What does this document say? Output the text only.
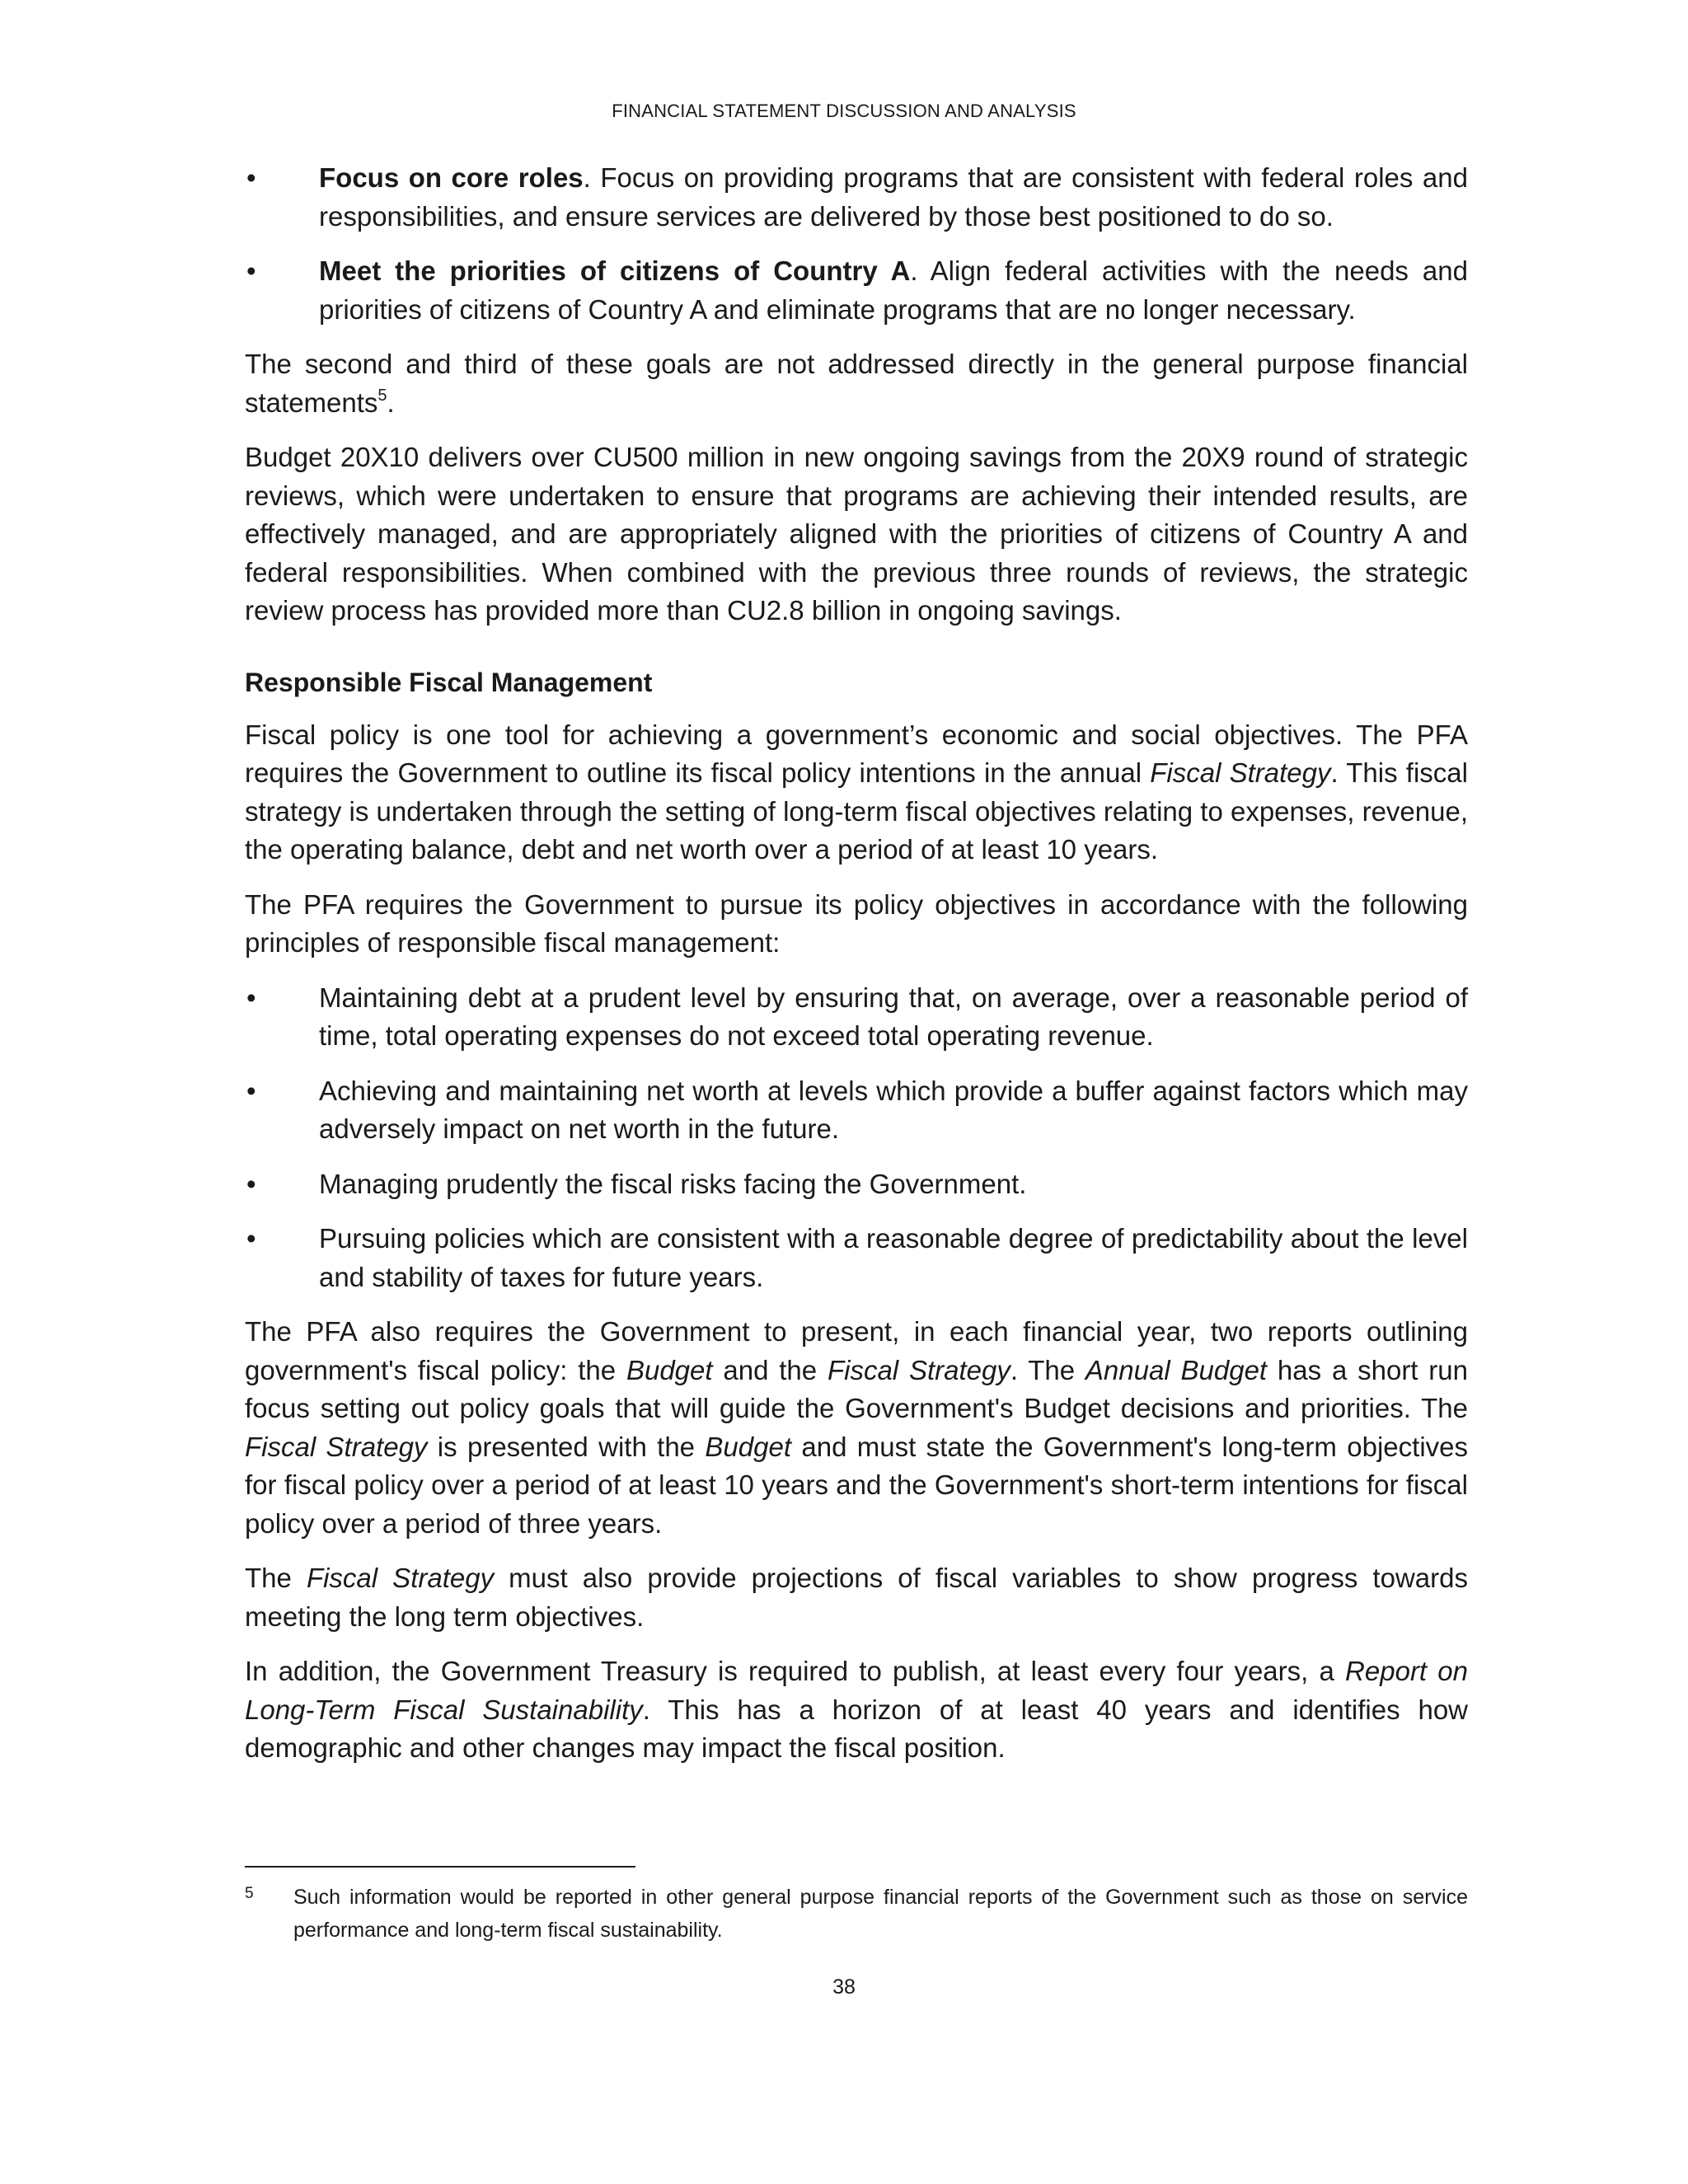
FINANCIAL STATEMENT DISCUSSION AND ANALYSIS
• Focus on core roles. Focus on providing programs that are consistent with federal roles and responsibilities, and ensure services are delivered by those best positioned to do so.
• Meet the priorities of citizens of Country A. Align federal activities with the needs and priorities of citizens of Country A and eliminate programs that are no longer necessary.

The second and third of these goals are not addressed directly in the general purpose financial statements$^5$.

Budget 20X10 delivers over CU500 million in new ongoing savings from the 20X9 round of strategic reviews, which were undertaken to ensure that programs are achieving their intended results, are effectively managed, and are appropriately aligned with the priorities of citizens of Country A and federal responsibilities. When combined with the previous three rounds of reviews, the strategic review process has provided more than CU2.8 billion in ongoing savings.

Responsible Fiscal Management

Fiscal policy is one tool for achieving a government’s economic and social objectives. The PFA requires the Government to outline its fiscal policy intentions in the annual Fiscal Strategy. This fiscal strategy is undertaken through the setting of long-term fiscal objectives relating to expenses, revenue, the operating balance, debt and net worth over a period of at least 10 years.

The PFA requires the Government to pursue its policy objectives in accordance with the following principles of responsible fiscal management:

• Maintaining debt at a prudent level by ensuring that, on average, over a reasonable period of time, total operating expenses do not exceed total operating revenue.
• Achieving and maintaining net worth at levels which provide a buffer against factors which may adversely impact on net worth in the future.
• Managing prudently the fiscal risks facing the Government.
• Pursuing policies which are consistent with a reasonable degree of predictability about the level and stability of taxes for future years.

The PFA also requires the Government to present, in each financial year, two reports outlining government's fiscal policy: the Budget and the Fiscal Strategy. The Annual Budget has a short run focus setting out policy goals that will guide the Government's Budget decisions and priorities. The Fiscal Strategy is presented with the Budget and must state the Government's long-term objectives for fiscal policy over a period of at least 10 years and the Government's short-term intentions for fiscal policy over a period of three years.

The Fiscal Strategy must also provide projections of fiscal variables to show progress towards meeting the long term objectives.

In addition, the Government Treasury is required to publish, at least every four years, a Report on Long-Term Fiscal Sustainability. This has a horizon of at least 40 years and identifies how demographic and other changes may impact the fiscal position.

5 Such information would be reported in other general purpose financial reports of the Government such as those on service performance and long-term fiscal sustainability.
38
